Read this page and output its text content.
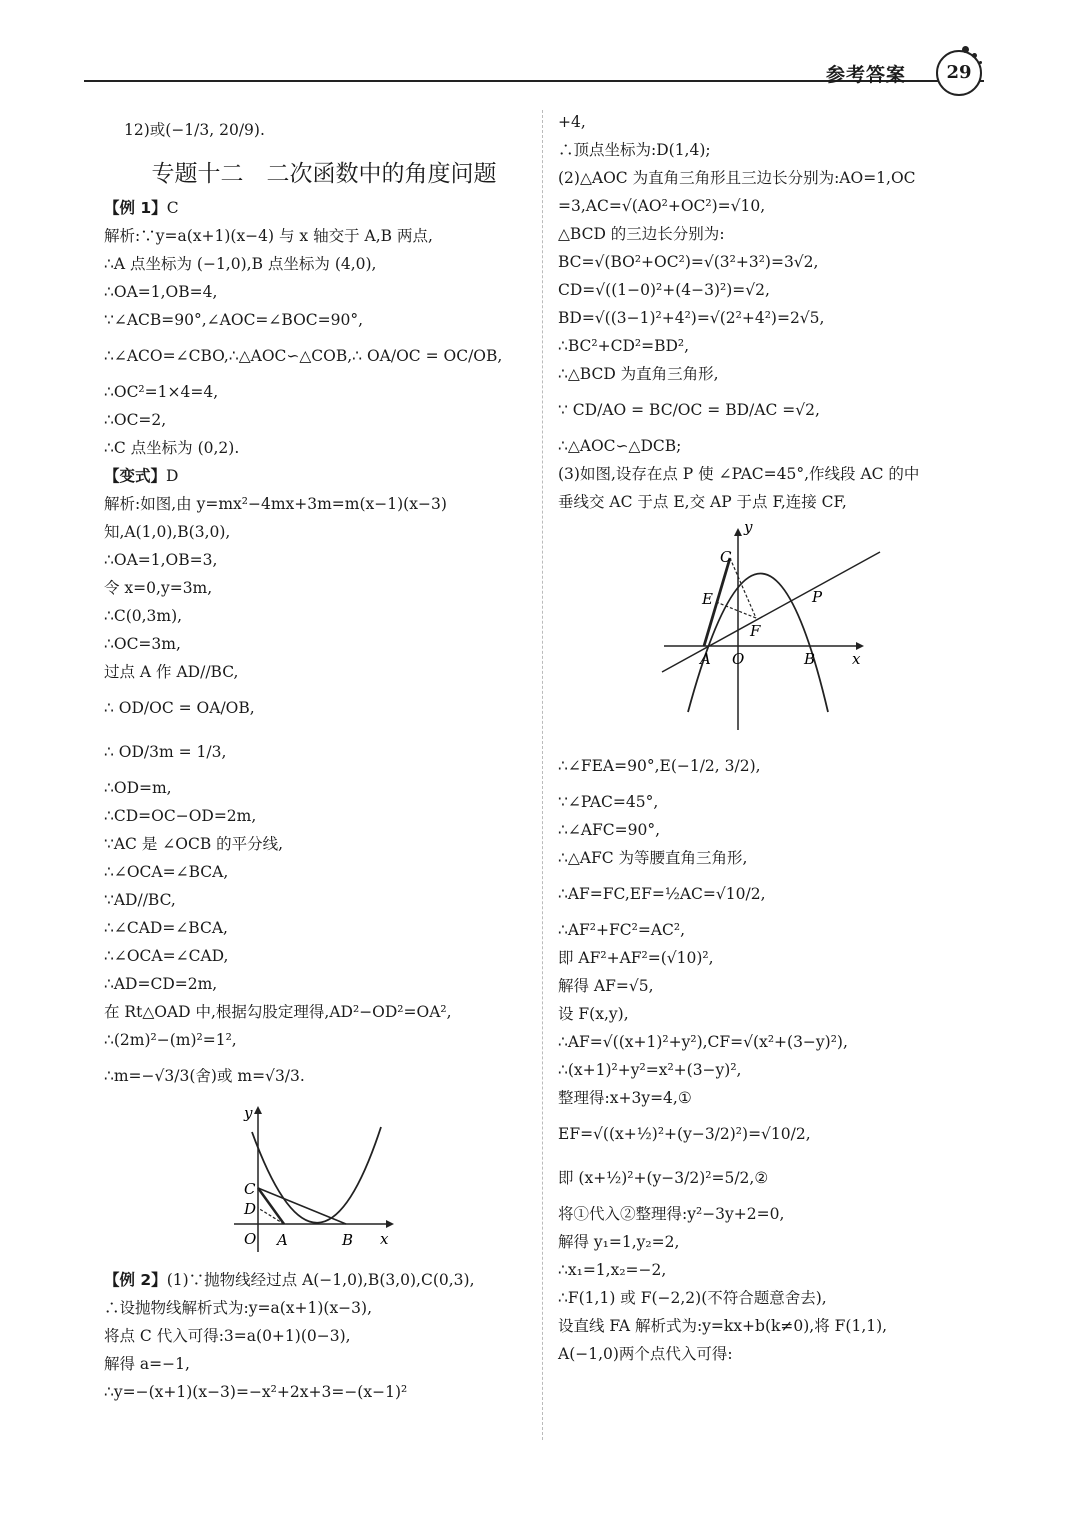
参考答案	29
12)或(−1/3, 20/9).
专题十二　二次函数中的角度问题
【例 1】C
解析:∵y=a(x+1)(x−4) 与 x 轴交于 A,B 两点,
∴A 点坐标为 (−1,0),B 点坐标为 (4,0),
∴OA=1,OB=4,
∵∠ACB=90°,∠AOC=∠BOC=90°,
∴∠ACO=∠CBO,∴△AOC∽△COB,∴ OA/OC = OC/OB,
∴OC²=1×4=4,
∴OC=2,
∴C 点坐标为 (0,2).
【变式】D
解析:如图,由 y=mx²−4mx+3m=m(x−1)(x−3)
知,A(1,0),B(3,0),
∴OA=1,OB=3,
令 x=0,y=3m,
∴C(0,3m),
∴OC=3m,
过点 A 作 AD//BC,
∴ OD/OC = OA/OB,
∴ OD/3m = 1/3,
∴OD=m,
∴CD=OC−OD=2m,
∵AC 是 ∠OCB 的平分线,
∴∠OCA=∠BCA,
∵AD//BC,
∴∠CAD=∠BCA,
∴∠OCA=∠CAD,
∴AD=CD=2m,
在 Rt△OAD 中,根据勾股定理得,AD²−OD²=OA²,
∴(2m)²−(m)²=1²,
∴m=−√3/3(舍)或 m=√3/3.
y
x
C
D
O A	B
【例 2】(1)∵抛物线经过点 A(−1,0),B(3,0),C(0,3),
∴设抛物线解析式为:y=a(x+1)(x−3),
将点 C 代入可得:3=a(0+1)(0−3),
解得 a=−1,
∴y=−(x+1)(x−3)=−x²+2x+3=−(x−1)²
+4,
∴顶点坐标为:D(1,4);
(2)△AOC 为直角三角形且三边长分别为:AO=1,OC
=3,AC=√(AO²+OC²)=√10,
△BCD 的三边长分别为:
BC=√(BO²+OC²)=√(3²+3²)=3√2,
CD=√((1−0)²+(4−3)²)=√2,
BD=√((3−1)²+4²)=√(2²+4²)=2√5,
∴BC²+CD²=BD²,
∴△BCD 为直角三角形,
∵ CD/AO = BC/OC = BD/AC =√2,
∴△AOC∽△DCB;
(3)如图,设存在点 P 使 ∠PAC=45°,作线段 AC 的中
垂线交 AC 于点 E,交 AP 于点 F,连接 CF,
y
x
C
E	P
F
A O	B
∴∠FEA=90°,E(−1/2, 3/2),
∵∠PAC=45°,
∴∠AFC=90°,
∴△AFC 为等腰直角三角形,
∴AF=FC,EF=½AC=√10/2,
∴AF²+FC²=AC²,
即 AF²+AF²=(√10)²,
解得 AF=√5,
设 F(x,y),
∴AF=√((x+1)²+y²),CF=√(x²+(3−y)²),
∴(x+1)²+y²=x²+(3−y)²,
整理得:x+3y=4,①
EF=√((x+½)²+(y−3/2)²)=√10/2,
即 (x+½)²+(y−3/2)²=5/2,②
将①代入②整理得:y²−3y+2=0,
解得 y₁=1,y₂=2,
∴x₁=1,x₂=−2,
∴F(1,1) 或 F(−2,2)(不符合题意舍去),
设直线 FA 解析式为:y=kx+b(k≠0),将 F(1,1),
A(−1,0)两个点代入可得:
